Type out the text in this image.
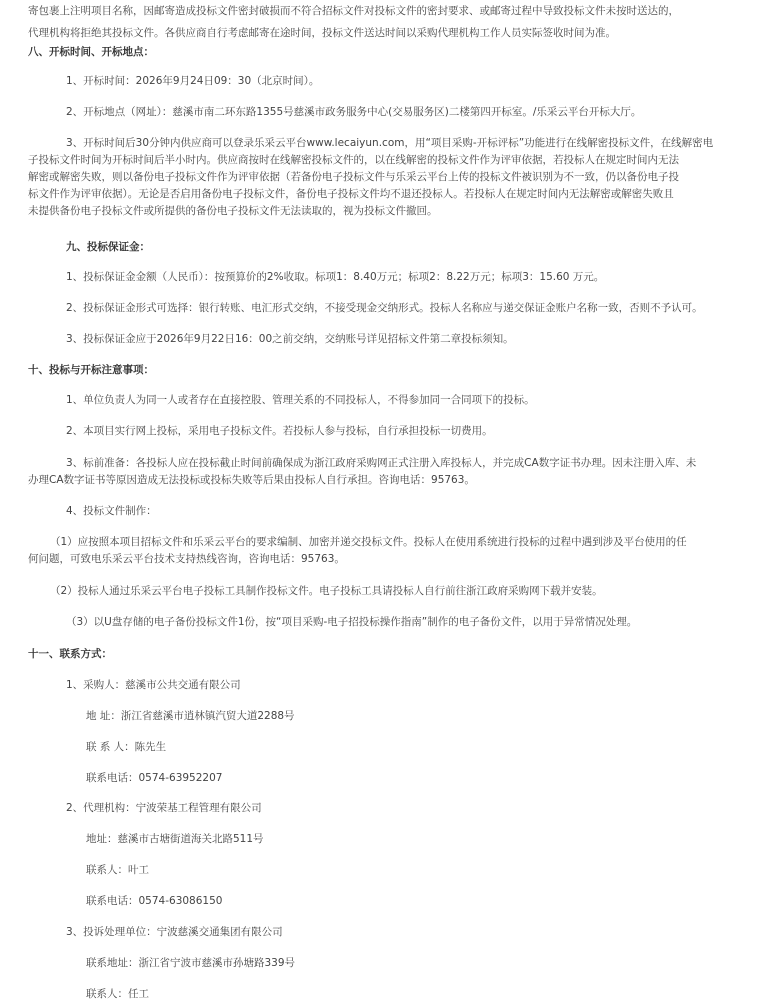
寄包裹上注明项目名称，因邮寄造成投标文件密封破损而不符合招标文件对投标文件的密封要求、或邮寄过程中导致投标文件未按时送达的，
代理机构将拒绝其投标文件。各供应商自行考虑邮寄在途时间，投标文件送达时间以采购代理机构工作人员实际签收时间为准。
八、开标时间、开标地点：
1、开标时间：2026年9月24日09：30（北京时间）。
2、开标地点（网址）：慈溪市南二环东路1355号慈溪市政务服务中心(交易服务区)二楼第四开标室。/乐采云平台开标大厅。
3、开标时间后30分钟内供应商可以登录乐采云平台www.lecaiyun.com，用“项目采购-开标评标”功能进行在线解密投标文件，在线解密电
子投标文件时间为开标时间后半小时内。供应商按时在线解密投标文件的，以在线解密的投标文件作为评审依据，若投标人在规定时间内无法
解密或解密失败，则以备份电子投标文件作为评审依据（若备份电子投标文件与乐采云平台上传的投标文件被识别为不一致，仍以备份电子投
标文件作为评审依据）。无论是否启用备份电子投标文件，备份电子投标文件均不退还投标人。若投标人在规定时间内无法解密或解密失败且
未提供备份电子投标文件或所提供的备份电子投标文件无法读取的，视为投标文件撤回。
九、投标保证金：
1、投标保证金金额（人民币）：按预算价的2%收取。标项1：8.40万元；标项2：8.22万元；标项3：15.60 万元。
2、投标保证金形式可选择：银行转账、电汇形式交纳，不接受现金交纳形式。投标人名称应与递交保证金账户名称一致，否则不予认可。
3、投标保证金应于2026年9月22日16：00之前交纳，交纳账号详见招标文件第二章投标须知。
十、投标与开标注意事项：
1、单位负责人为同一人或者存在直接控股、管理关系的不同投标人，不得参加同一合同项下的投标。
2、本项目实行网上投标，采用电子投标文件。若投标人参与投标，自行承担投标一切费用。
3、标前准备：各投标人应在投标截止时间前确保成为浙江政府采购网正式注册入库投标人，并完成CA数字证书办理。因未注册入库、未
办理CA数字证书等原因造成无法投标或投标失败等后果由投标人自行承担。咨询电话：95763。
4、投标文件制作：
（1）应按照本项目招标文件和乐采云平台的要求编制、加密并递交投标文件。投标人在使用系统进行投标的过程中遇到涉及平台使用的任
何问题，可致电乐采云平台技术支持热线咨询，咨询电话：95763。
（2）投标人通过乐采云平台电子投标工具制作投标文件。电子投标工具请投标人自行前往浙江政府采购网下载并安装。
（3）以U盘存储的电子备份投标文件1份，按“项目采购-电子招投标操作指南”制作的电子备份文件，以用于异常情况处理。
十一、联系方式：
1、采购人：慈溪市公共交通有限公司
地 址：浙江省慈溪市逍林镇汽贸大道2288号
联 系 人：陈先生
联系电话：0574-63952207
2、代理机构：宁波荣基工程管理有限公司
地址：慈溪市古塘街道海关北路511号
联系人：叶工
联系电话：0574-63086150
3、投诉处理单位：宁波慈溪交通集团有限公司
联系地址：浙江省宁波市慈溪市孙塘路339号
联系人：任工
